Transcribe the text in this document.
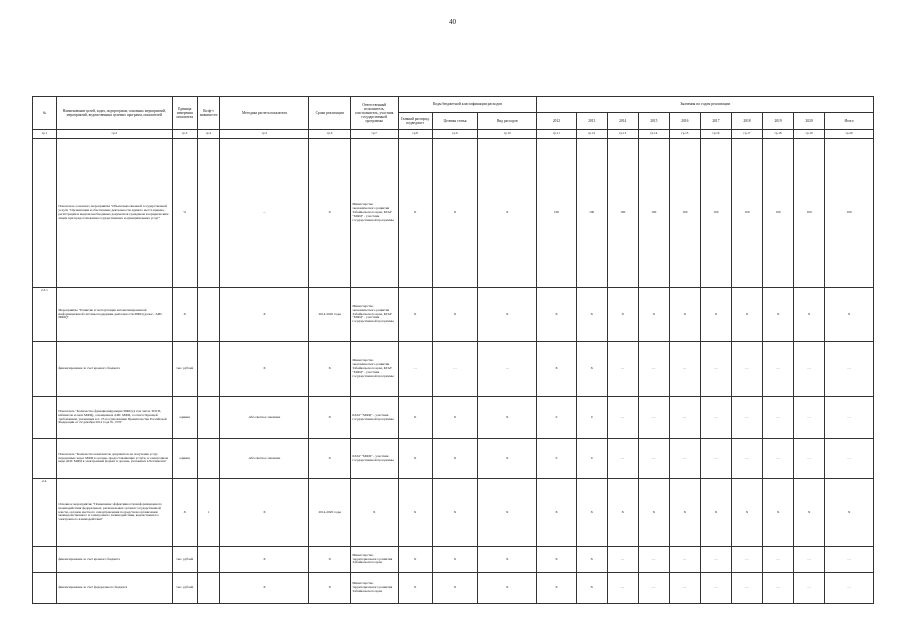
40
№	Наименование целей, задач, подпрограмм, основных мероприятий, мероприятий, ведомственных целевых программ, показателей	Единица измерения показателя	Коэф-т значимости	Методика расчета показателя	Сроки реализации	Ответственный исполнитель, соисполнитель, участник государственной программы	Коды бюджетной классификации расходов			Значения по годам реализации									
							Главный распоряд. подведомст	Целевая статья	Вид расходов	2012	2013	2014	2015	2016	2017	2018	2019	2020	Итого
гр.1	гр.2	гр.3	гр.4	гр.5	гр.6	гр.7	гр.8	гр.9	гр.10	гр.11	гр.12	гр.13	гр.14	гр.15	гр.16	гр.17	гр.18	гр.19	гр.20
	Показатель основного мероприятия "Объем выполненной государственной услуги "Организация и обеспечение деятельности единого места приема, регистрации и выдачи необходимых документов гражданам и юридическим лицам при предоставлении государственных и муниципальных услуг"	%		…	X	Министерство экономического развития Забайкальского края, КГАУ "МФЦ" - участник государственной программы	X	X	X	100	100	100	100	100	100	100	100	100	100
2.3.1	Мероприятие "Развитие и эксплуатация автоматизированной информационной системы поддержки деятельности МФЦ (далее - АИС МФЦ)"	X		X	2014-2020 годы	Министерство экономического развития Забайкальского края, КГАУ "МФЦ" - участник государственной программы	X	X	X	X	X	X	X	X	X	X	X	X	X
	финансирование за счет краевого бюджета	тыс. рублей		X	X	Министерство экономического развития Забайкальского края, КГАУ "МФЦ" - участник государственной программы	…	…	…	X	X	…	…	…	…	…	…	…	…
	Показатель "Количество функционирующих МФЦ (в том числе ТОСП, кабинетов и окон МФЦ), оснащенных АИС МФЦ, соответствующей требованиям, указанным в п. 25 постановления Правительства Российской Федерации от 22 декабря 2012 года № 1376"	единиц		Абсолютное значение	X	КГАУ "МФЦ" - участник государственной программы	X	X	X	0	0	…	…	…	…	…	…	…	…
	Показатель "Количество комплектов документов на получение услуг, переданных через МФЦ в органы, предоставляющие услуги, в электронном виде АИС МФЦ в электронный формат в органы, указанных в Регламенте"	единиц		Абсолютное значение	X	КГАУ "МФЦ" - участник государственной программы	X	X	X	0	0	…	…	…	…	…	…	…	…
2.4.	Основное мероприятие "Повышение эффективности информационного взаимодействия федеральных, региональных органов государственной власти, органов местного самоуправления посредством организации межведомственного и электронного взаимодействия, ведомственного электронного взаимодействия"	X	1	X	2014-2020 годы	X	X	X	X	X	X	X	X	X	X	X	X	X	X
	финансирование за счет краевого бюджета	тыс. рублей		X	X	Министерство территориального развития Забайкальского края	X	X	X	X	X	…	…	…	…	…	…	…	…
	финансирование за счет федерального бюджета	тыс. рублей		X	X	Министерство территориального развития Забайкальского края	X	X	X	X	X	…	…	…	…	…	…	…	…
